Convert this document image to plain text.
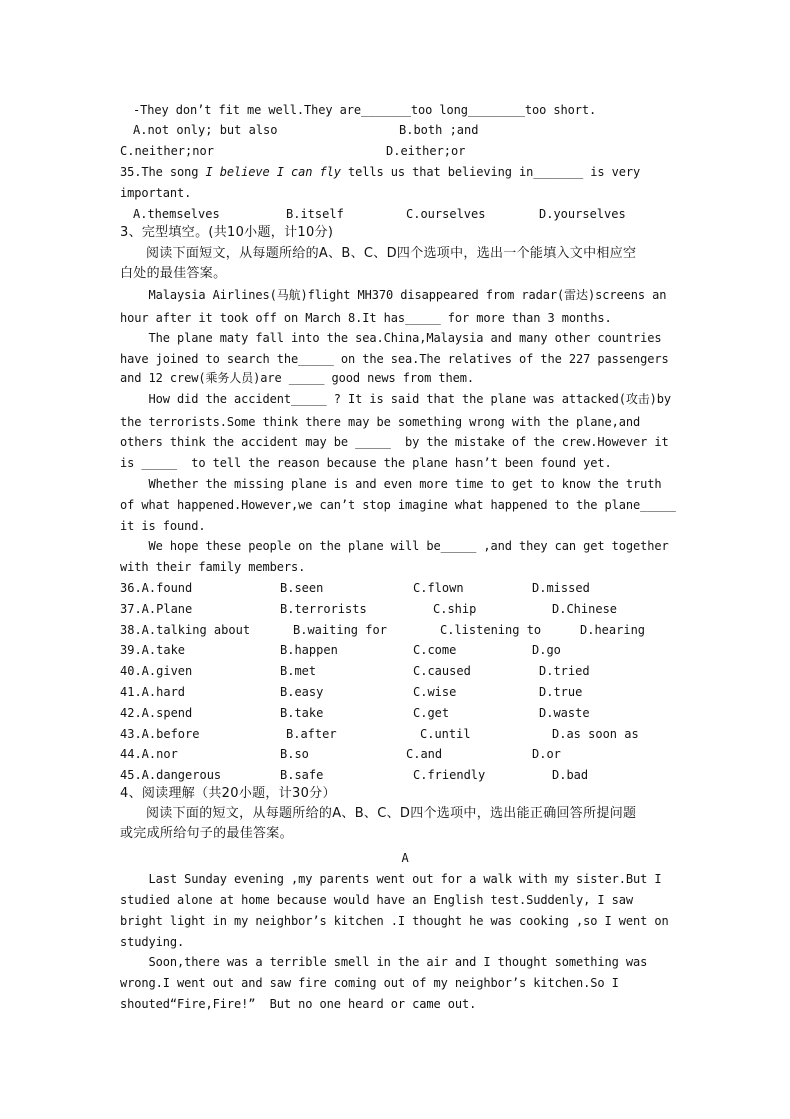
-They don’t fit me well.They are_______too long________too short.
A.not only; but also	B.both ;and
C.neither;nor	D.either;or
35.The song I believe I can fly tells us that believing in_______ is very
important.
A.themselves	B.itself	C.ourselves	D.yourselves
3、完型填空。(共10小题，计10分)
阅读下面短文，从每题所给的A、B、C、D四个选项中，选出一个能填入文中相应空
白处的最佳答案。
Malaysia Airlines(马航)flight MH370 disappeared from radar(雷达)screens an
hour after it took off on March 8.It has_____ for more than 3 months.
The plane maty fall into the sea.China,Malaysia and many other countries
have joined to search the_____ on the sea.The relatives of the 227 passengers
and 12 crew(乘务人员)are _____ good news from them.
How did the accident_____ ? It is said that the plane was attacked(攻击)by
the terrorists.Some think there may be something wrong with the plane,and
others think the accident may be _____  by the mistake of the crew.However it
is _____  to tell the reason because the plane hasn’t been found yet.
Whether the missing plane is and even more time to get to know the truth
of what happened.However,we can’t stop imagine what happened to the plane_____
it is found.
We hope these people on the plane will be_____ ,and they can get together
with their family members.
36.A.found	B.seen	C.flown	D.missed
37.A.Plane	B.terrorists	C.ship	D.Chinese
38.A.talking about	B.waiting for	C.listening to	D.hearing
39.A.take	B.happen	C.come	D.go
40.A.given	B.met	C.caused	D.tried
41.A.hard	B.easy	C.wise	D.true
42.A.spend	B.take	C.get	D.waste
43.A.before	B.after	C.until	D.as soon as
44.A.nor	B.so	C.and	D.or
45.A.dangerous	B.safe	C.friendly	D.bad
4、阅读理解（共20小题，计30分）
阅读下面的短文，从每题所给的A、B、C、D四个选项中，选出能正确回答所提问题
或完成所给句子的最佳答案。
A
Last Sunday evening ,my parents went out for a walk with my sister.But I
studied alone at home because would have an English test.Suddenly, I saw
bright light in my neighbor’s kitchen .I thought he was cooking ,so I went on
studying.
Soon,there was a terrible smell in the air and I thought something was
wrong.I went out and saw fire coming out of my neighbor’s kitchen.So I
shouted“Fire,Fire!”  But no one heard or came out.
